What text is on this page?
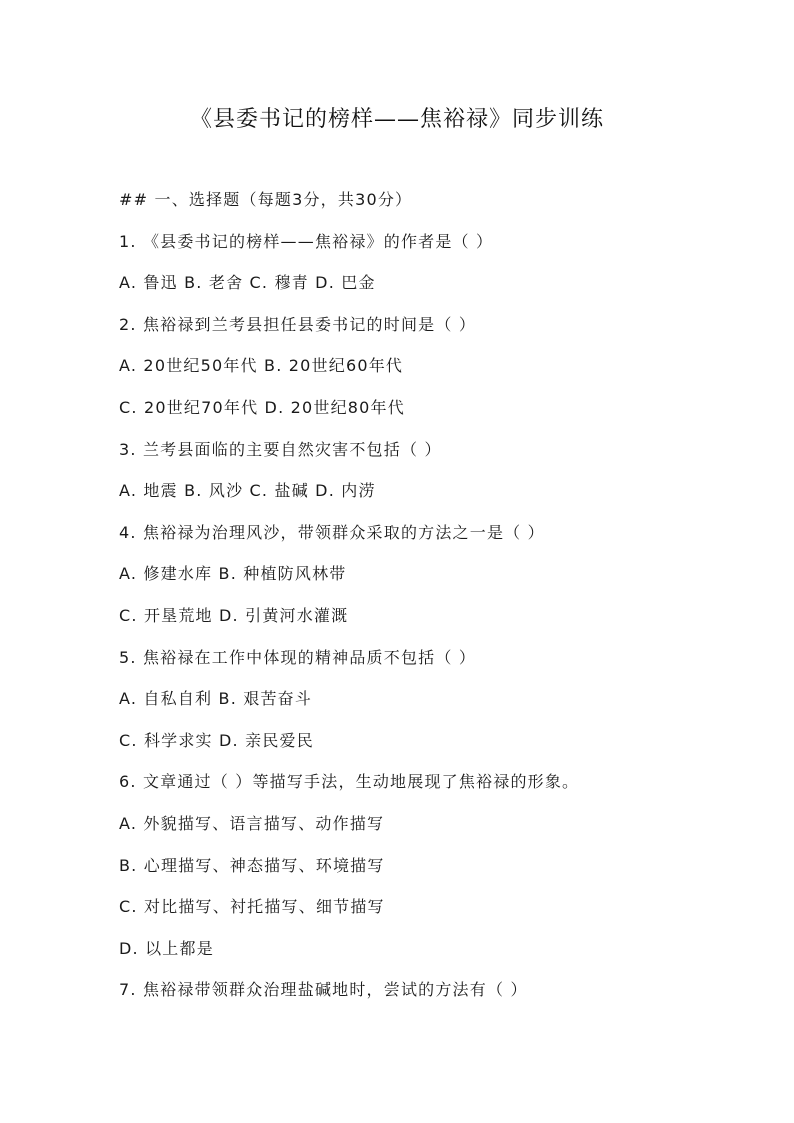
《县委书记的榜样——焦裕禄》同步训练
## 一、选择题（每题3分，共30分）
1. 《县委书记的榜样——焦裕禄》的作者是（ ）
A. 鲁迅 B. 老舍 C. 穆青 D. 巴金
2. 焦裕禄到兰考县担任县委书记的时间是（ ）
A. 20世纪50年代 B. 20世纪60年代
C. 20世纪70年代 D. 20世纪80年代
3. 兰考县面临的主要自然灾害不包括（ ）
A. 地震 B. 风沙 C. 盐碱 D. 内涝
4. 焦裕禄为治理风沙，带领群众采取的方法之一是（ ）
A. 修建水库 B. 种植防风林带
C. 开垦荒地 D. 引黄河水灌溉
5. 焦裕禄在工作中体现的精神品质不包括（ ）
A. 自私自利 B. 艰苦奋斗
C. 科学求实 D. 亲民爱民
6. 文章通过（ ）等描写手法，生动地展现了焦裕禄的形象。
A. 外貌描写、语言描写、动作描写
B. 心理描写、神态描写、环境描写
C. 对比描写、衬托描写、细节描写
D. 以上都是
7. 焦裕禄带领群众治理盐碱地时，尝试的方法有（ ）
